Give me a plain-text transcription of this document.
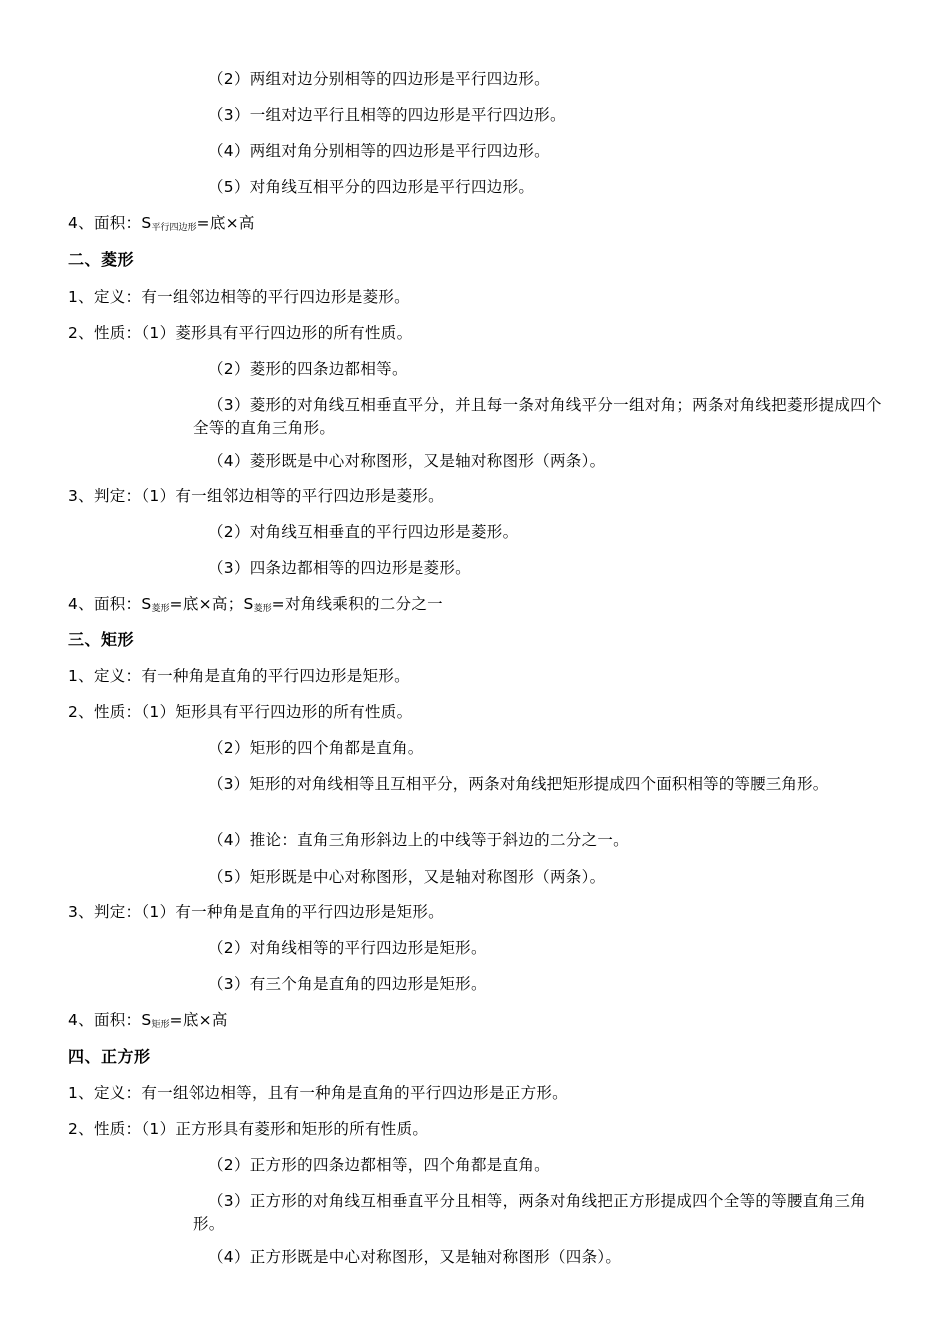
（2）两组对边分别相等的四边形是平行四边形。
（3）一组对边平行且相等的四边形是平行四边形。
（4）两组对角分别相等的四边形是平行四边形。
（5）对角线互相平分的四边形是平行四边形。
4、面积：$S_{平行四边形}=$底×高
二、菱形
1、定义：有一组邻边相等的平行四边形是菱形。
2、性质：（1）菱形具有平行四边形的所有性质。
（2）菱形的四条边都相等。
（3）菱形的对角线互相垂直平分，并且每一条对角线平分一组对角；两条对角线把菱形提成四个全等的直角三角形。
（4）菱形既是中心对称图形，又是轴对称图形（两条）。
3、判定：（1）有一组邻边相等的平行四边形是菱形。
（2）对角线互相垂直的平行四边形是菱形。
（3）四条边都相等的四边形是菱形。
4、面积：$S_{菱形}=$底×高；$S_{菱形}=$对角线乘积的二分之一
三、矩形
1、定义：有一种角是直角的平行四边形是矩形。
2、性质：（1）矩形具有平行四边形的所有性质。
（2）矩形的四个角都是直角。
（3）矩形的对角线相等且互相平分，两条对角线把矩形提成四个面积相等的等腰三角形。
（4）推论：直角三角形斜边上的中线等于斜边的二分之一。
（5）矩形既是中心对称图形，又是轴对称图形（两条）。
3、判定：（1）有一种角是直角的平行四边形是矩形。
（2）对角线相等的平行四边形是矩形。
（3）有三个角是直角的四边形是矩形。
4、面积：$S_{矩形}=$底×高
四、正方形
1、定义：有一组邻边相等，且有一种角是直角的平行四边形是正方形。
2、性质：（1）正方形具有菱形和矩形的所有性质。
（2）正方形的四条边都相等，四个角都是直角。
（3）正方形的对角线互相垂直平分且相等，两条对角线把正方形提成四个全等的等腰直角三角形。
（4）正方形既是中心对称图形，又是轴对称图形（四条）。
